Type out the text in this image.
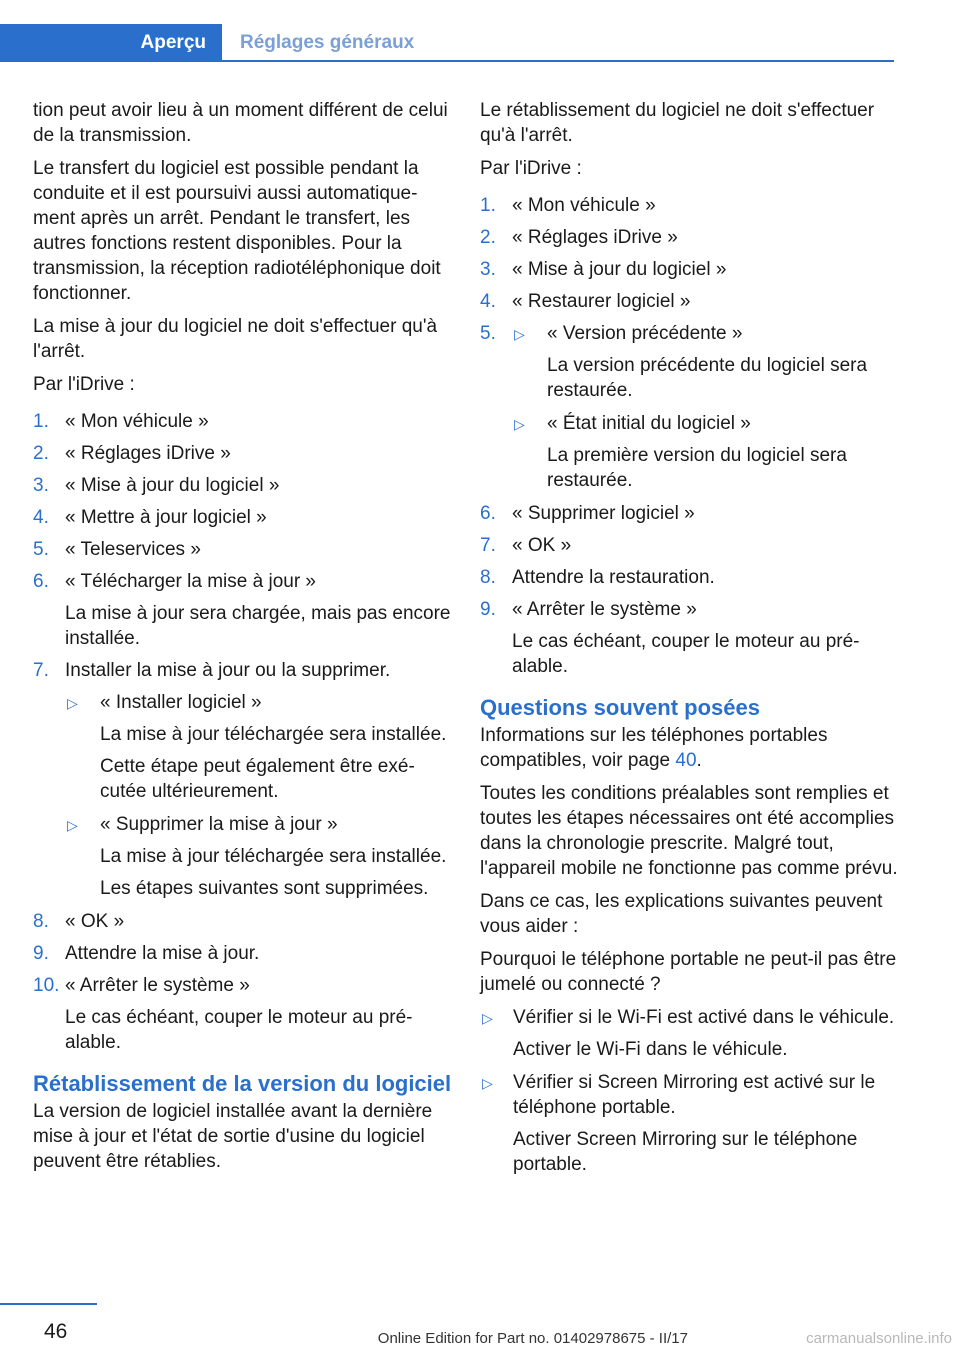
Aperçu	Réglages généraux

tion peut avoir lieu à un moment différent de celui de la transmission.

Le transfert du logiciel est possible pendant la conduite et il est poursuivi aussi automatiquement après un arrêt. Pendant le transfert, les autres fonctions restent disponibles. Pour la transmission, la réception radiotéléphonique doit fonctionner.

La mise à jour du logiciel ne doit s'effectuer qu'à l'arrêt.

Par l'iDrive :

1. « Mon véhicule »
2. « Réglages iDrive »
3. « Mise à jour du logiciel »
4. « Mettre à jour logiciel »
5. « Teleservices »
6. « Télécharger la mise à jour »
La mise à jour sera chargée, mais pas encore installée.
7. Installer la mise à jour ou la supprimer.
▷ « Installer logiciel »
La mise à jour téléchargée sera installée.
Cette étape peut également être exécutée ultérieurement.
▷ « Supprimer la mise à jour »
La mise à jour téléchargée sera installée.
Les étapes suivantes sont supprimées.
8. « OK »
9. Attendre la mise à jour.
10. « Arrêter le système »
Le cas échéant, couper le moteur au préalable.
Rétablissement de la version du logiciel

La version de logiciel installée avant la dernière mise à jour et l'état de sortie d'usine du logiciel peuvent être rétablies.

Le rétablissement du logiciel ne doit s'effectuer qu'à l'arrêt.

Par l'iDrive :

1. « Mon véhicule »
2. « Réglages iDrive »
3. « Mise à jour du logiciel »
4. « Restaurer logiciel »
5. ▷ « Version précédente »
La version précédente du logiciel sera restaurée.
▷ « État initial du logiciel »
La première version du logiciel sera restaurée.
6. « Supprimer logiciel »
7. « OK »
8. Attendre la restauration.
9. « Arrêter le système »
Le cas échéant, couper le moteur au préalable.
Questions souvent posées

Informations sur les téléphones portables compatibles, voir page 40.

Toutes les conditions préalables sont remplies et toutes les étapes nécessaires ont été accomplies dans la chronologie prescrite. Malgré tout, l'appareil mobile ne fonctionne pas comme prévu.

Dans ce cas, les explications suivantes peuvent vous aider :

Pourquoi le téléphone portable ne peut-il pas être jumelé ou connecté ?

▷ Vérifier si le Wi-Fi est activé dans le véhicule.
Activer le Wi-Fi dans le véhicule.
▷ Vérifier si Screen Mirroring est activé sur le téléphone portable.
Activer Screen Mirroring sur le téléphone portable.
46	Online Edition for Part no. 01402978675 - II/17	carmanualsonline.info
